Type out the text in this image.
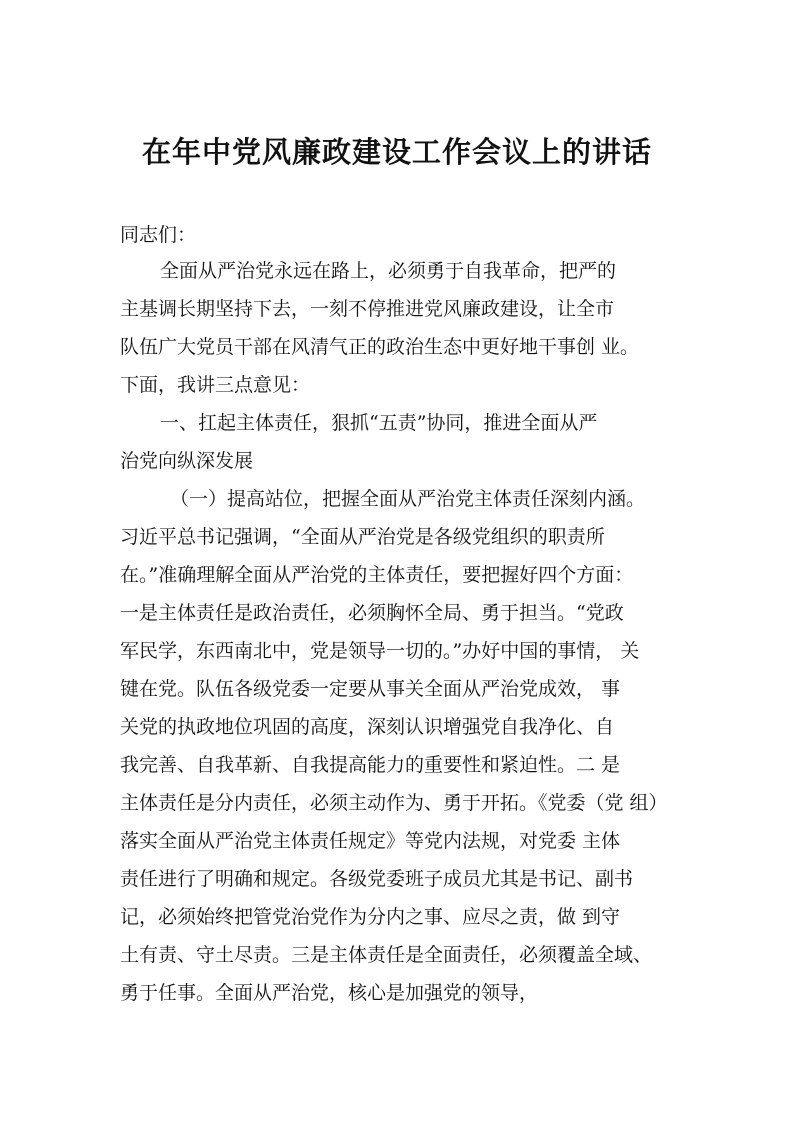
在年中党风廉政建设工作会议上的讲话
同志们：
全面从严治党永远在路上，必须勇于自我革命，把严的
主基调长期坚持下去，一刻不停推进党风廉政建设，让全市
队伍广大党员干部在风清气正的政治生态中更好地干事创 业。
下面，我讲三点意见：
一、扛起主体责任，狠抓“五责”协同，推进全面从严
治党向纵深发展
（一）提高站位，把握全面从严治党主体责任深刻内涵。
习近平总书记强调，“全面从严治党是各级党组织的职责所
在。”准确理解全面从严治党的主体责任，要把握好四个方面：
一是主体责任是政治责任，必须胸怀全局、勇于担当。“党政
军民学，东西南北中，党是领导一切的。”办好中国的事情， 关
键在党。队伍各级党委一定要从事关全面从严治党成效， 事
关党的执政地位巩固的高度，深刻认识增强党自我净化、自
我完善、自我革新、自我提高能力的重要性和紧迫性。二 是
主体责任是分内责任，必须主动作为、勇于开拓。《党委（党 组）
落实全面从严治党主体责任规定》等党内法规，对党委 主体
责任进行了明确和规定。各级党委班子成员尤其是书记、副书
记，必须始终把管党治党作为分内之事、应尽之责，做 到守
土有责、守土尽责。三是主体责任是全面责任，必须覆盖全域、
勇于任事。全面从严治党，核心是加强党的领导，
